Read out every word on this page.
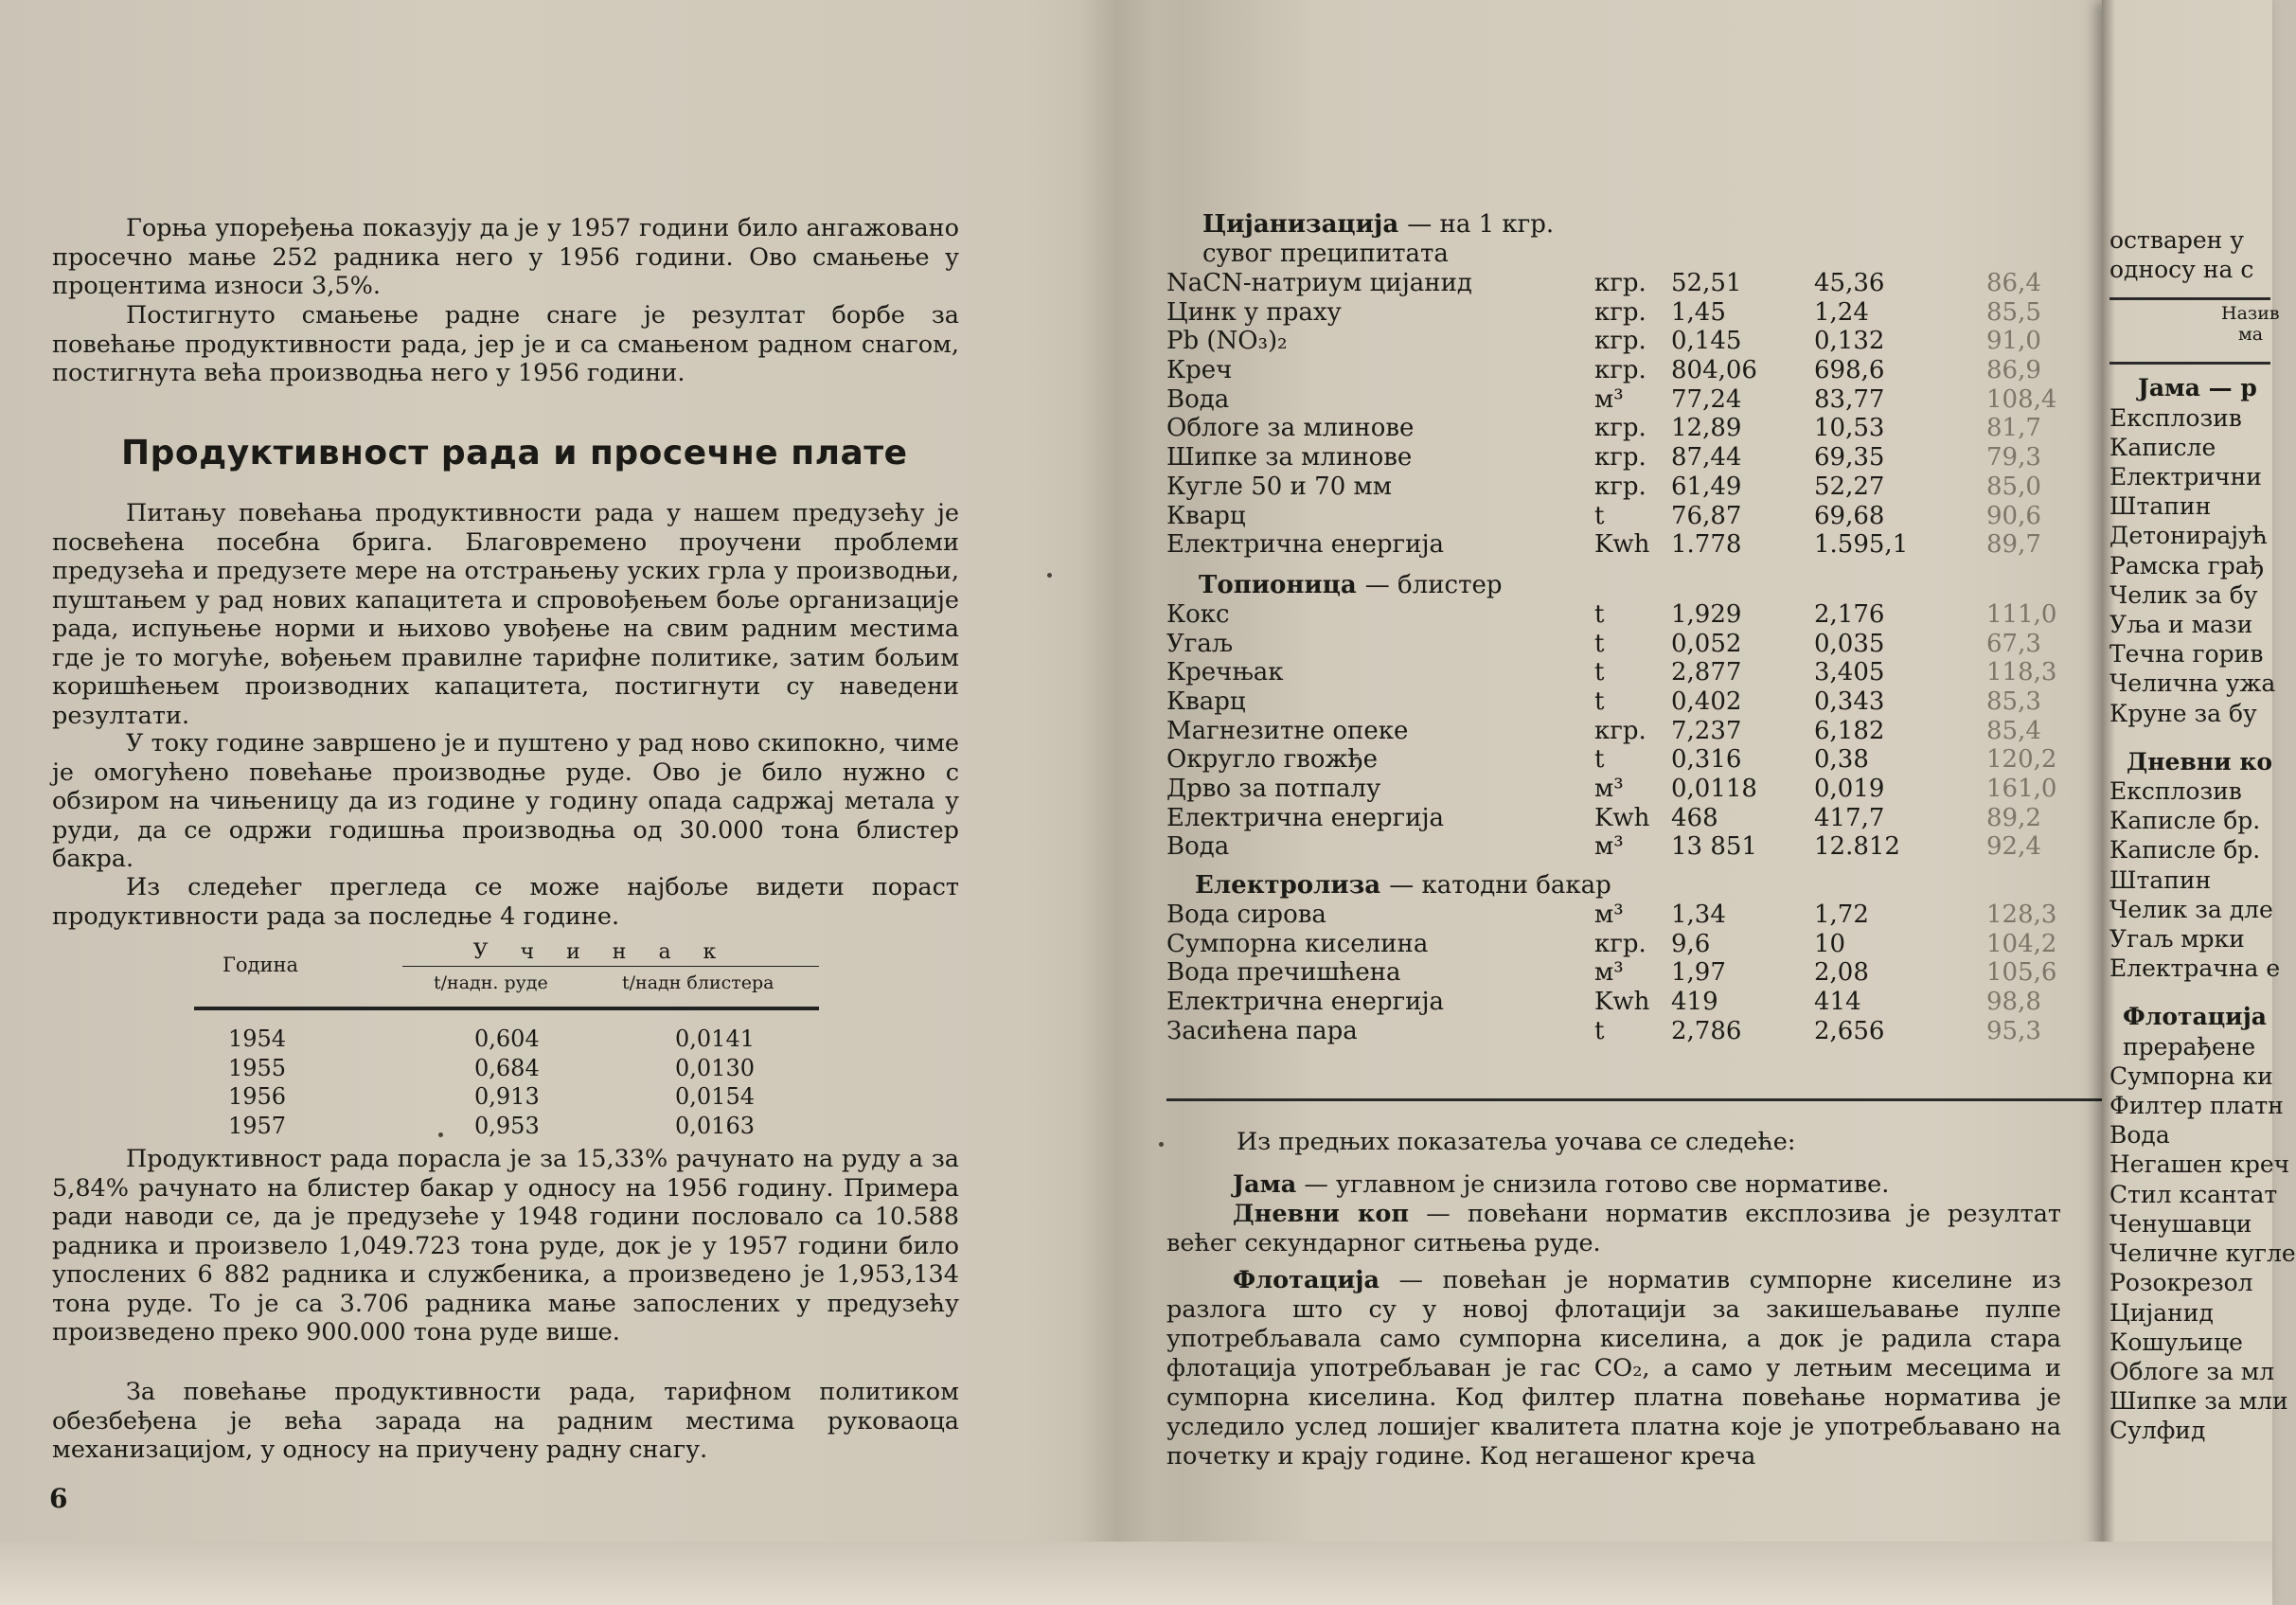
Горња упоређења показују да је у 1957 години било ангажовано просечно мање 252 радника него у 1956 години. Ово смањење у процентима износи 3,5%.

Постигнуто смањење радне снаге је резултат борбе за повећање продуктивности рада, јер је и са смањеном радном снагом, постигнута већа производња него у 1956 години.

Продуктивност рада и просечне плате

Питању повећања продуктивности рада у нашем предузећу је посвећена посебна брига. Благовремено проучени проблеми предузећа и предузете мере на отстрањењу уских грла у производњи, пуштањем у рад нових капацитета и спровођењем боље организације рада, испуњење норми и њихово увођење на свим радним местима где је то могуће, вођењем правилне тарифне политике, затим бољим коришћењем производних капацитета, постигнути су наведени резултати.

У току године завршено је и пуштено у рад ново скипокно, чиме је омогућено повећање производње руде. Ово је било нужно с обзиром на чињеницу да из године у годину опада садржај метала у руди, да се одржи годишња производња од 30.000 тона блистер бакра.

Из следећег прегледа се може најбоље видети пораст продуктивности рада за последње 4 године.

Година
Учинак
t/надн. руде	t/надн блистера
1954	0,604	0,0141
1955	0,684	0,0130
1956	0,913	0,0154
1957	0,953	0,0163

Продуктивност рада порасла је за 15,33% рачунато на руду а за 5,84% рачунато на блистер бакар у односу на 1956 годину. Примера ради наводи се, да је предузеће у 1948 години пословало са 10.588 радника и произвело 1,049.723 тона руде, док је у 1957 години било упослених 6 882 радника и службеника, а произведено је 1,953,134 тона руде. То је са 3.706 радника мање запослених у предузећу произведено преко 900.000 тона руде више.

За повећање продуктивности рада, тарифном политиком обезбеђена је већа зарада на радним местима руковаоца механизацијом, у односу на приучену радну снагу.

6
Цијанизација — на 1 кгр.
сувог преципитата
NaCN-натриум цијанид	кгр. 52,51	45,36	86,4
Цинк у праху	кгр. 1,45	1,24	85,5
Pb (NO₃)₂	кгр. 0,145	0,132	91,0
Креч	кгр. 804,06 698,6	86,9
Вода	м³ 77,24	83,77	108,4
Облоге за млинове	кгр. 12,89	10,53	81,7
Шипке за млинове	кгр. 87,44	69,35	79,3
Кугле 50 и 70 мм	кгр. 61,49	52,27	85,0
Кварц	t	76,87	69,68	90,6
Електрична енергија	Kwh 1.778	1.595,1	89,7
Топионица — блистер
Кокс	t	1,929	2,176	111,0
Угаљ	t	0,052	0,035	67,3
Кречњак	t	2,877	3,405	118,3
Кварц	t	0,402	0,343	85,3
Магнезитне опеке	кгр. 7,237	6,182	85,4
Округло гвожђе	t	0,316	0,38	120,2
Дрво за потпалу	м³ 0,0118 0,019	161,0
Електрична енергија	Kwh 468	417,7	89,2
Вода	м³ 13 851 12.812	92,4
Електролиза — катодни бакар
Вода сирова	м³ 1,34	1,72	128,3
Сумпорна киселина	кгр. 9,6	10	104,2
Вода пречишћена	м³ 1,97	2,08	105,6
Електрична енергија	Kwh 419	414	98,8
Засићена пара	t	2,786	2,656	95,3
Из предњих показатеља уочава се следеће:

Јама — углавном је снизила готово све нормативе.

Дневни коп — повећани норматив експлозива је резултат већег секундарног ситњења руде.

Флотација — повећан је норматив сумпорне киселине из разлога што су у новој флотацији за закишељавање пулпе употребљавала само сумпорна киселина, а док је радила стара флотација употребљаван је гас CO₂, а само у летњим месецима и сумпорна киселина. Код филтер платна повећање норматива је уследило услед лошијег квалитета платна које је употребљавано на почетку и крају године. Код негашеног креча

остварен у
односу на с
Назив
ма
Јама — р
Експлозив
Каписле
Електрични
Штапин
Детонирајућ
Рамска грађ
Челик за бу
Уља и мази
Течна горив
Челична ужа
Круне за бу
Дневни ко
Експлозив
Каписле бр.
Каписле бр.
Штапин
Челик за дле
Угаљ мрки
Електрачна е
Флотација
прерађене
Сумпорна ки
Филтер платн
Вода
Негашен креч
Стил ксантат
Ченушавци
Челичне кугле
Розокрезол
Цијанид
Кошуљице
Облоге за мл
Шипке за мли
Сулфид
